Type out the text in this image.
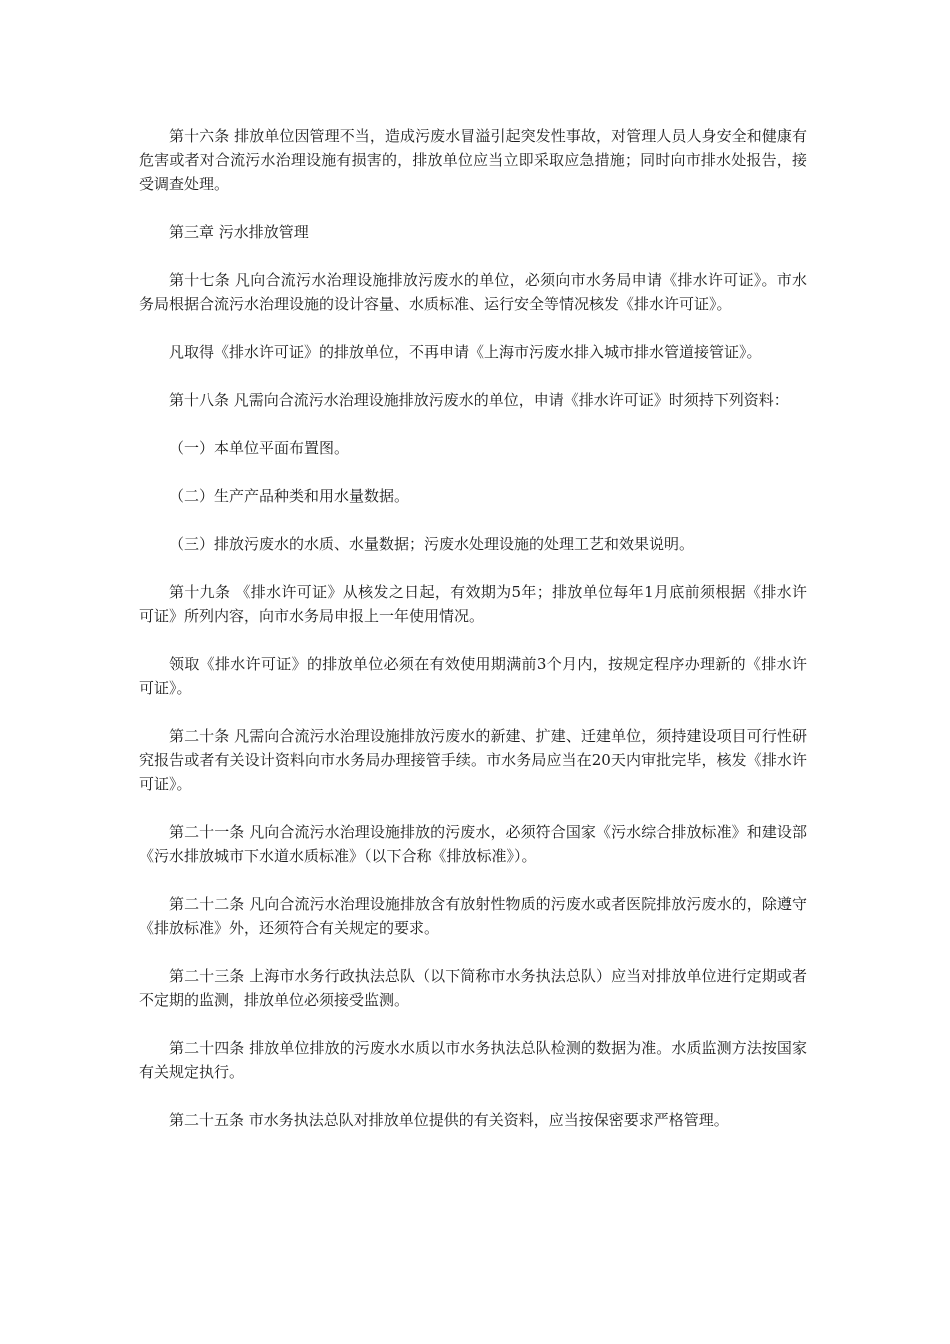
第十六条 排放单位因管理不当，造成污废水冒溢引起突发性事故，对管理人员人身安全和健康有危害或者对合流污水治理设施有损害的，排放单位应当立即采取应急措施；同时向市排水处报告，接受调查处理。

第三章 污水排放管理

第十七条 凡向合流污水治理设施排放污废水的单位，必须向市水务局申请《排水许可证》。市水务局根据合流污水治理设施的设计容量、水质标准、运行安全等情况核发《排水许可证》。

凡取得《排水许可证》的排放单位，不再申请《上海市污废水排入城市排水管道接管证》。

第十八条 凡需向合流污水治理设施排放污废水的单位，申请《排水许可证》时须持下列资料：

（一）本单位平面布置图。

（二）生产产品种类和用水量数据。

（三）排放污废水的水质、水量数据；污废水处理设施的处理工艺和效果说明。

第十九条 《排水许可证》从核发之日起，有效期为5年；排放单位每年1月底前须根据《排水许可证》所列内容，向市水务局申报上一年使用情况。

领取《排水许可证》的排放单位必须在有效使用期满前3个月内，按规定程序办理新的《排水许可证》。

第二十条 凡需向合流污水治理设施排放污废水的新建、扩建、迁建单位，须持建设项目可行性研究报告或者有关设计资料向市水务局办理接管手续。市水务局应当在20天内审批完毕，核发《排水许可证》。

第二十一条 凡向合流污水治理设施排放的污废水，必须符合国家《污水综合排放标准》和建设部《污水排放城市下水道水质标准》（以下合称《排放标准》）。

第二十二条 凡向合流污水治理设施排放含有放射性物质的污废水或者医院排放污废水的，除遵守《排放标准》外，还须符合有关规定的要求。

第二十三条 上海市水务行政执法总队（以下简称市水务执法总队）应当对排放单位进行定期或者不定期的监测，排放单位必须接受监测。

第二十四条 排放单位排放的污废水水质以市水务执法总队检测的数据为准。水质监测方法按国家有关规定执行。

第二十五条 市水务执法总队对排放单位提供的有关资料，应当按保密要求严格管理。
